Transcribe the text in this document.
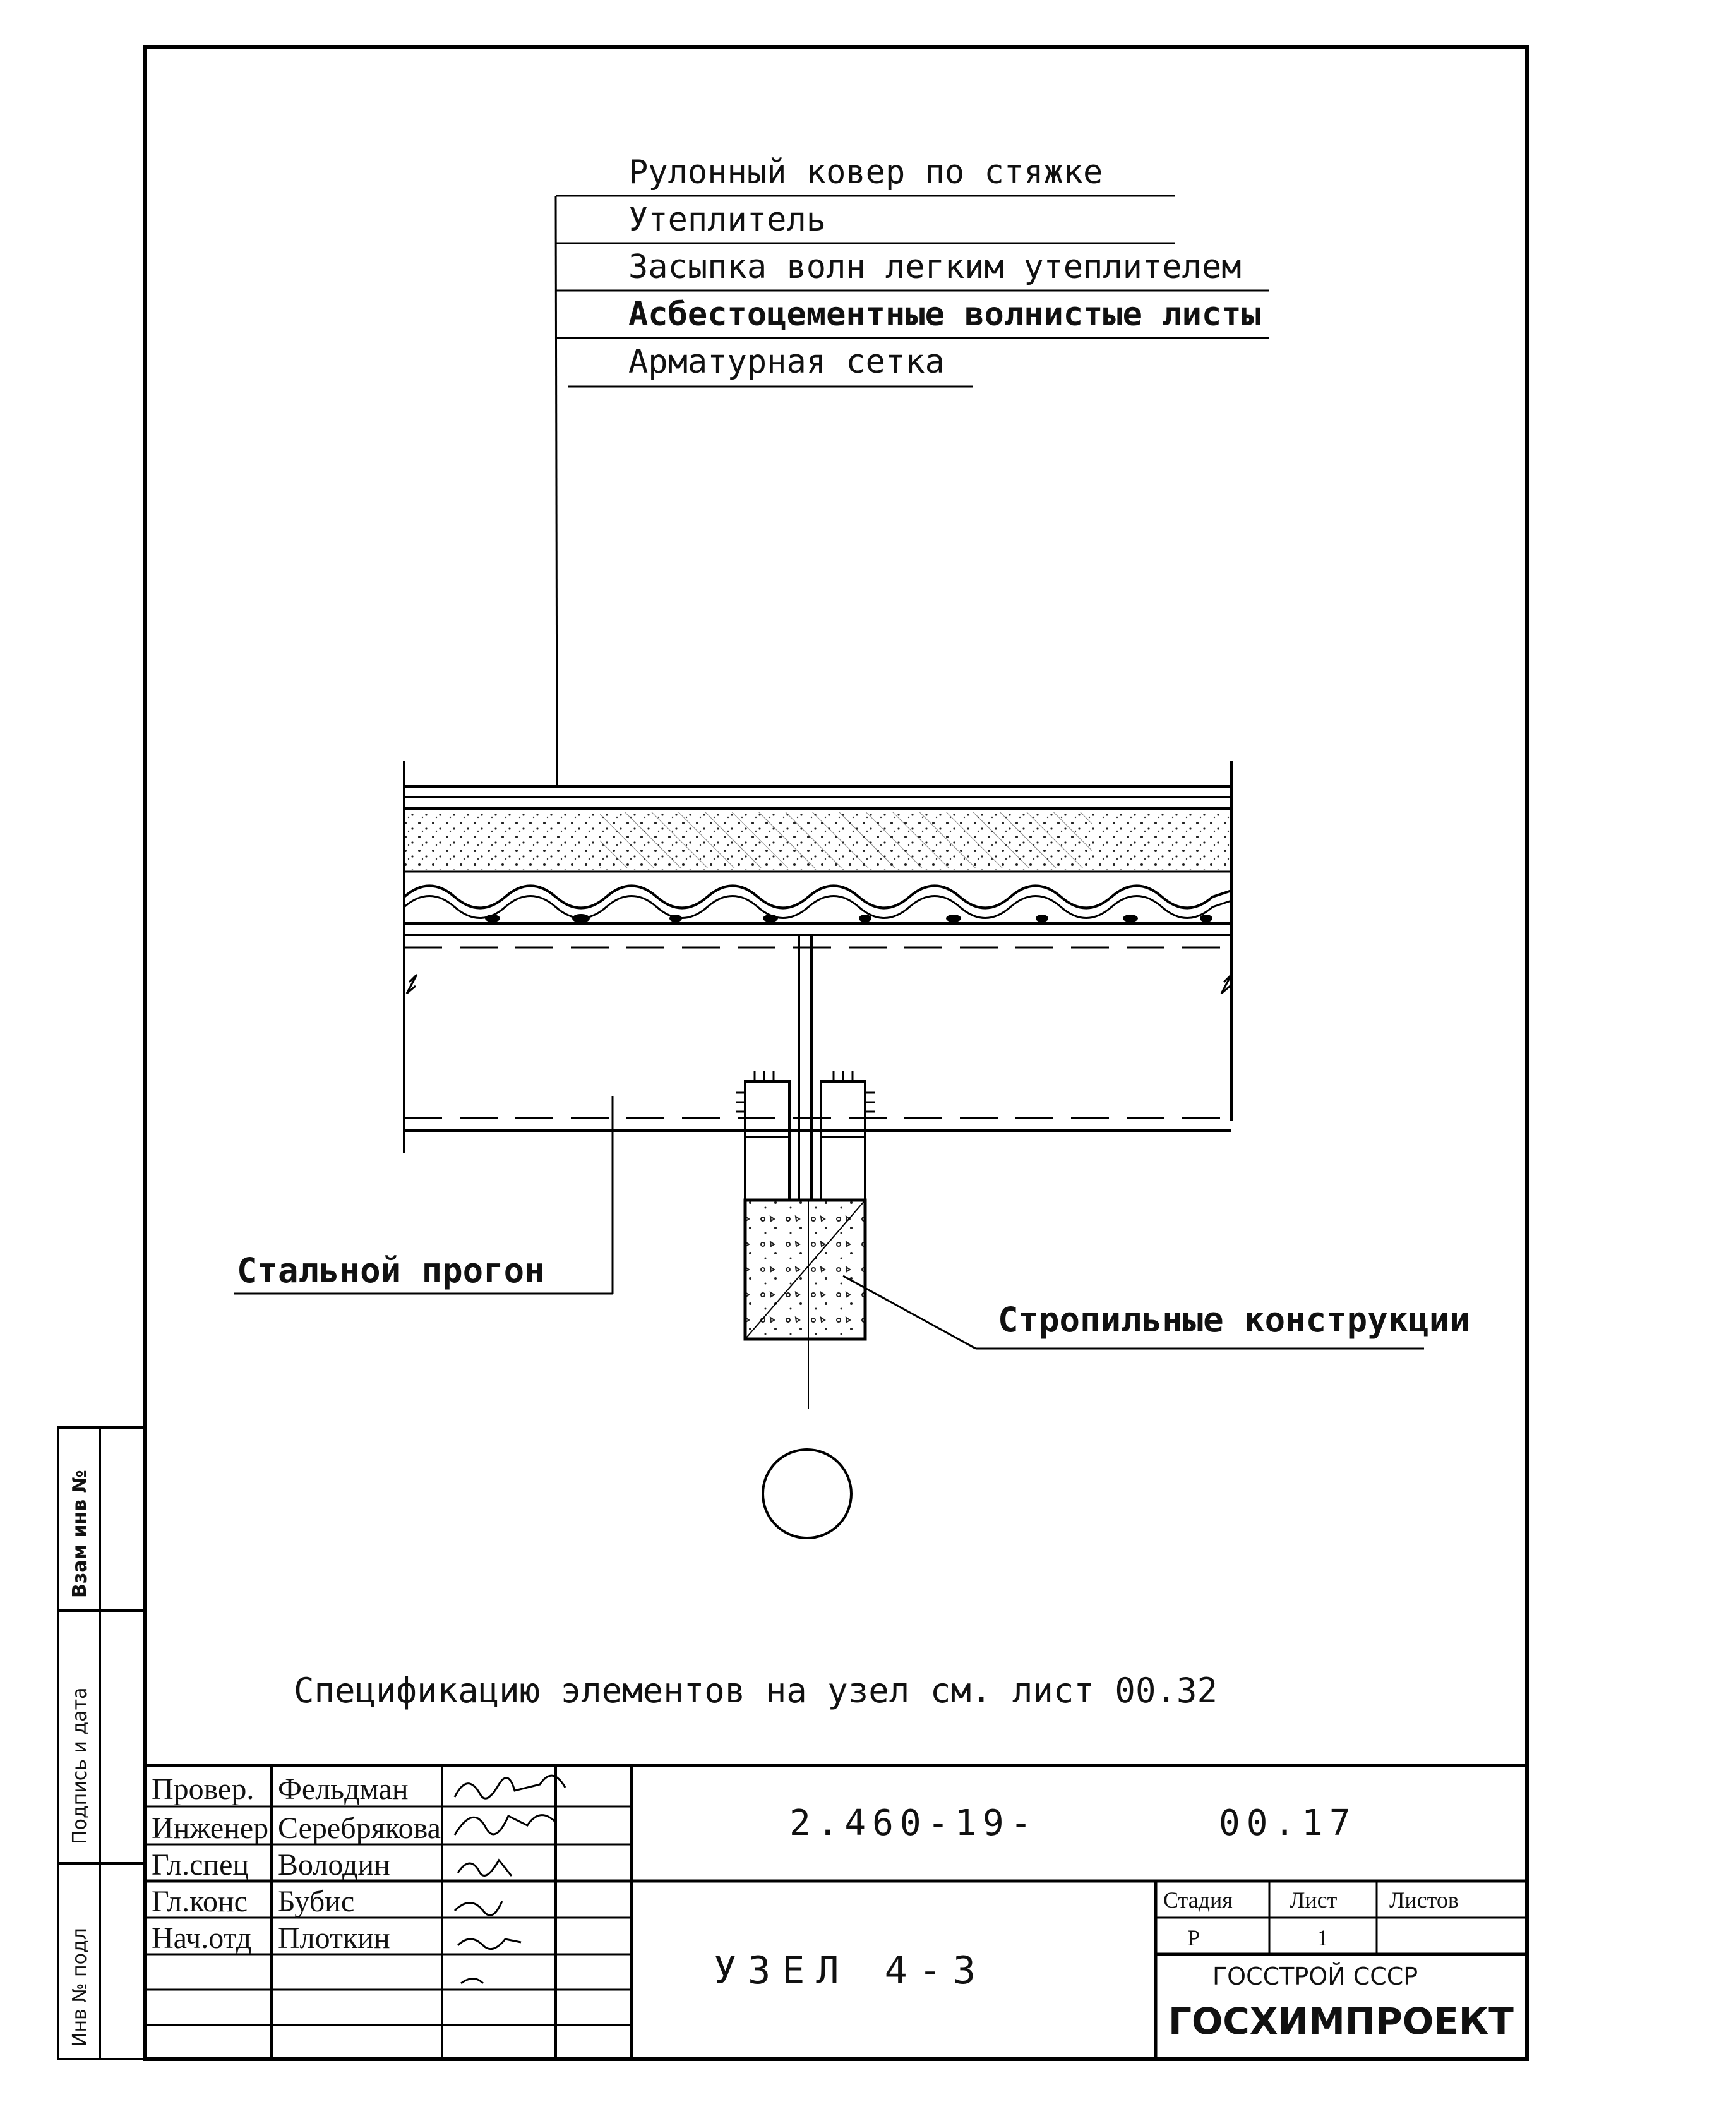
Взам инв №
Подпись и дата
Инв № подл
Рулонный ковер по стяжке
Утеплитель
Засыпка волн легким утеплителем
Асбестоцементные волнистые листы
Арматурная сетка
Стальной прогон
Стропильные конструкции
Спецификацию элементов на узел см. лист 00.32
Провер. Фельдман
Инженер Серебрякова
Гл.спец Володин
Гл.конс Бубис
Нач.отд Плоткин
2.460-19-	00.17
УЗЕЛ 4-3
Стадия	Лист Листов
Р	1
ГОССТРОЙ СССР
ГОСХИМПРОЕКТ
